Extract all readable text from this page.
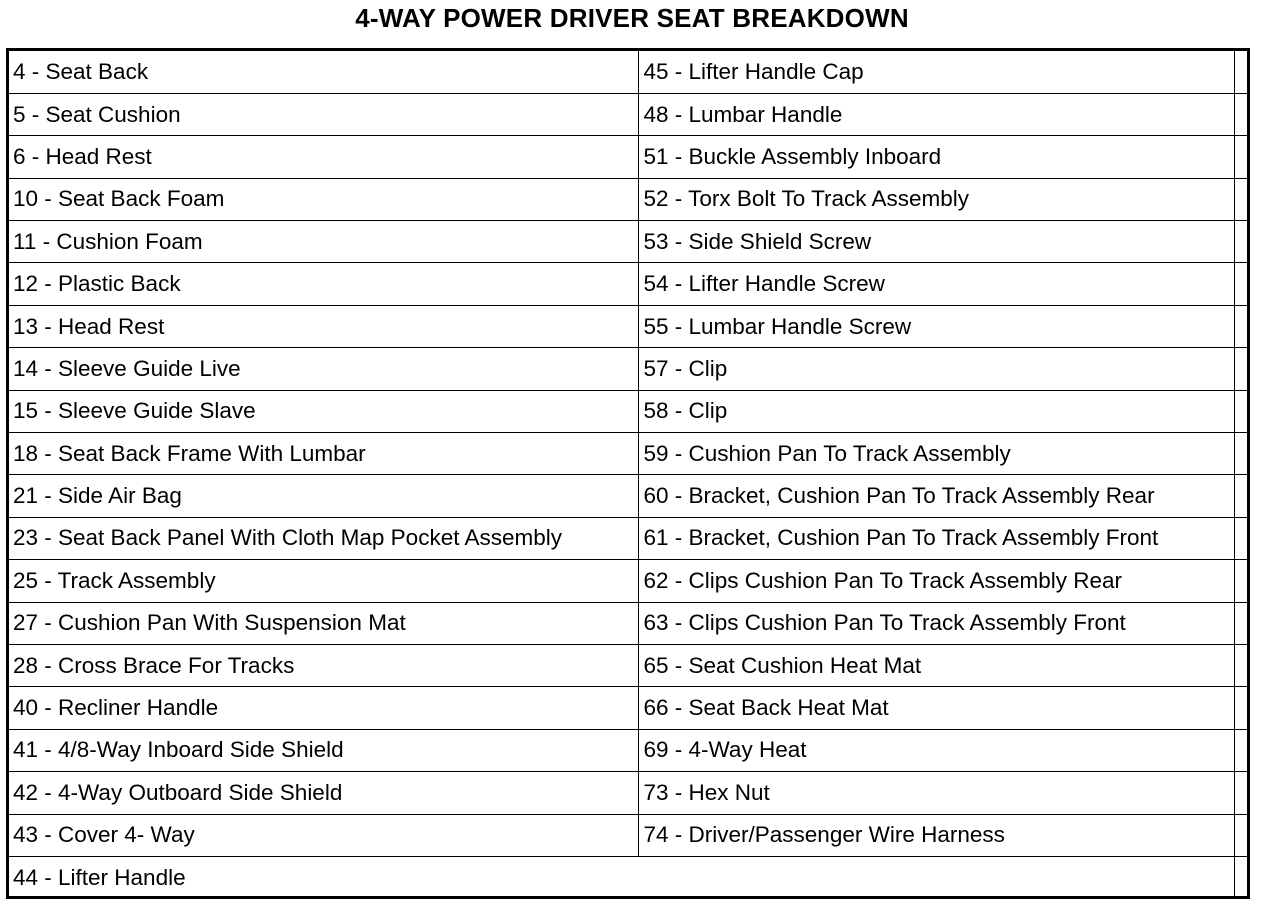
4-WAY POWER DRIVER SEAT BREAKDOWN
4 - Seat Back	45 - Lifter Handle Cap	
5 - Seat Cushion	48 - Lumbar Handle	
6 - Head Rest	51 - Buckle Assembly Inboard	
10 - Seat Back Foam	52 - Torx Bolt To Track Assembly	
11 - Cushion Foam	53 - Side Shield Screw	
12 - Plastic Back	54 - Lifter Handle Screw	
13 - Head Rest	55 - Lumbar Handle Screw	
14 - Sleeve Guide Live	57 - Clip	
15 - Sleeve Guide Slave	58 - Clip	
18 - Seat Back Frame With Lumbar	59 - Cushion Pan To Track Assembly	
21 - Side Air Bag	60 - Bracket, Cushion Pan To Track Assembly Rear	
23 - Seat Back Panel With Cloth Map Pocket Assembly	61 - Bracket, Cushion Pan To Track Assembly Front	
25 - Track Assembly	62 - Clips Cushion Pan To Track Assembly Rear	
27 - Cushion Pan With Suspension Mat	63 - Clips Cushion Pan To Track Assembly Front	
28 - Cross Brace For Tracks	65 - Seat Cushion Heat Mat	
40 - Recliner Handle	66 - Seat Back Heat Mat	
41 - 4/8-Way Inboard Side Shield	69 - 4-Way Heat	
42 - 4-Way Outboard Side Shield	73 - Hex Nut	
43 - Cover 4- Way	74 - Driver/Passenger Wire Harness	
44 - Lifter Handle		
